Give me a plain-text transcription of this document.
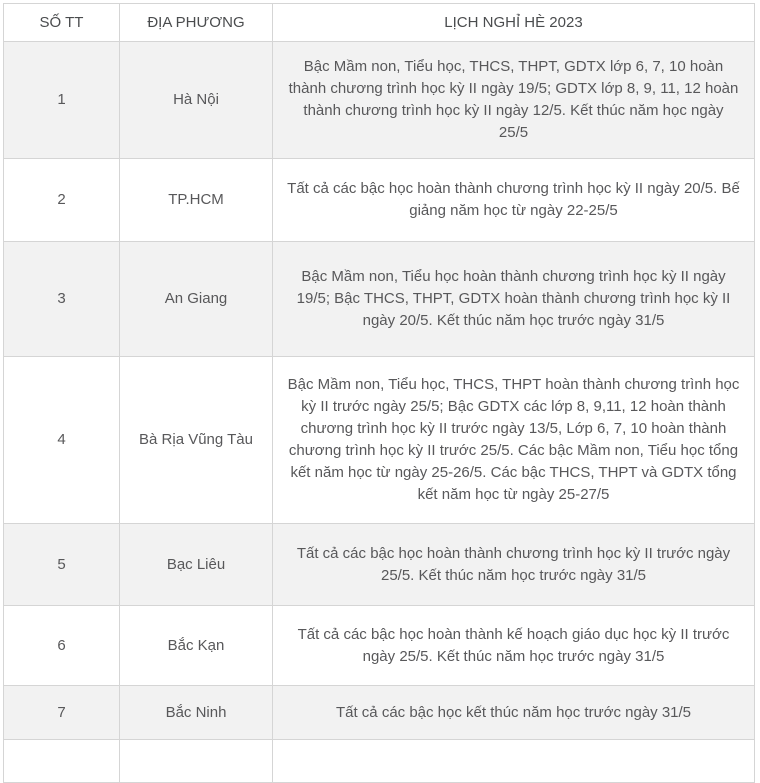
SỐ TT	ĐỊA PHƯƠNG	LỊCH NGHỈ HÈ 2023
1	Hà Nội	Bậc Mầm non, Tiểu học, THCS, THPT, GDTX lớp 6, 7, 10 hoàn thành chương trình học kỳ II ngày 19/5; GDTX lớp 8, 9, 11, 12 hoàn thành chương trình học kỳ II ngày 12/5. Kết thúc năm học ngày 25/5
2	TP.HCM	Tất cả các bậc học hoàn thành chương trình học kỳ II ngày 20/5. Bế giảng năm học từ ngày 22-25/5
3	An Giang	Bậc Mầm non, Tiểu học hoàn thành chương trình học kỳ II ngày 19/5; Bậc THCS, THPT, GDTX hoàn thành chương trình học kỳ II ngày 20/5. Kết thúc năm học trước ngày 31/5
4	Bà Rịa Vũng Tàu	Bậc Mầm non, Tiểu học, THCS, THPT hoàn thành chương trình học kỳ II trước ngày 25/5; Bậc GDTX các lớp 8, 9,11, 12 hoàn thành chương trình học kỳ II trước ngày 13/5, Lớp 6, 7, 10 hoàn thành chương trình học kỳ II trước 25/5. Các bậc Mầm non, Tiểu học tổng kết năm học từ ngày 25-26/5. Các bậc THCS, THPT và GDTX tổng kết năm học từ ngày 25-27/5
5	Bạc Liêu	Tất cả các bậc học hoàn thành chương trình học kỳ II trước ngày 25/5. Kết thúc năm học trước ngày 31/5
6	Bắc Kạn	Tất cả các bậc học hoàn thành kế hoạch giáo dục học kỳ II trước ngày 25/5. Kết thúc năm học trước ngày 31/5
7	Bắc Ninh	Tất cả các bậc học kết thúc năm học trước ngày 31/5
